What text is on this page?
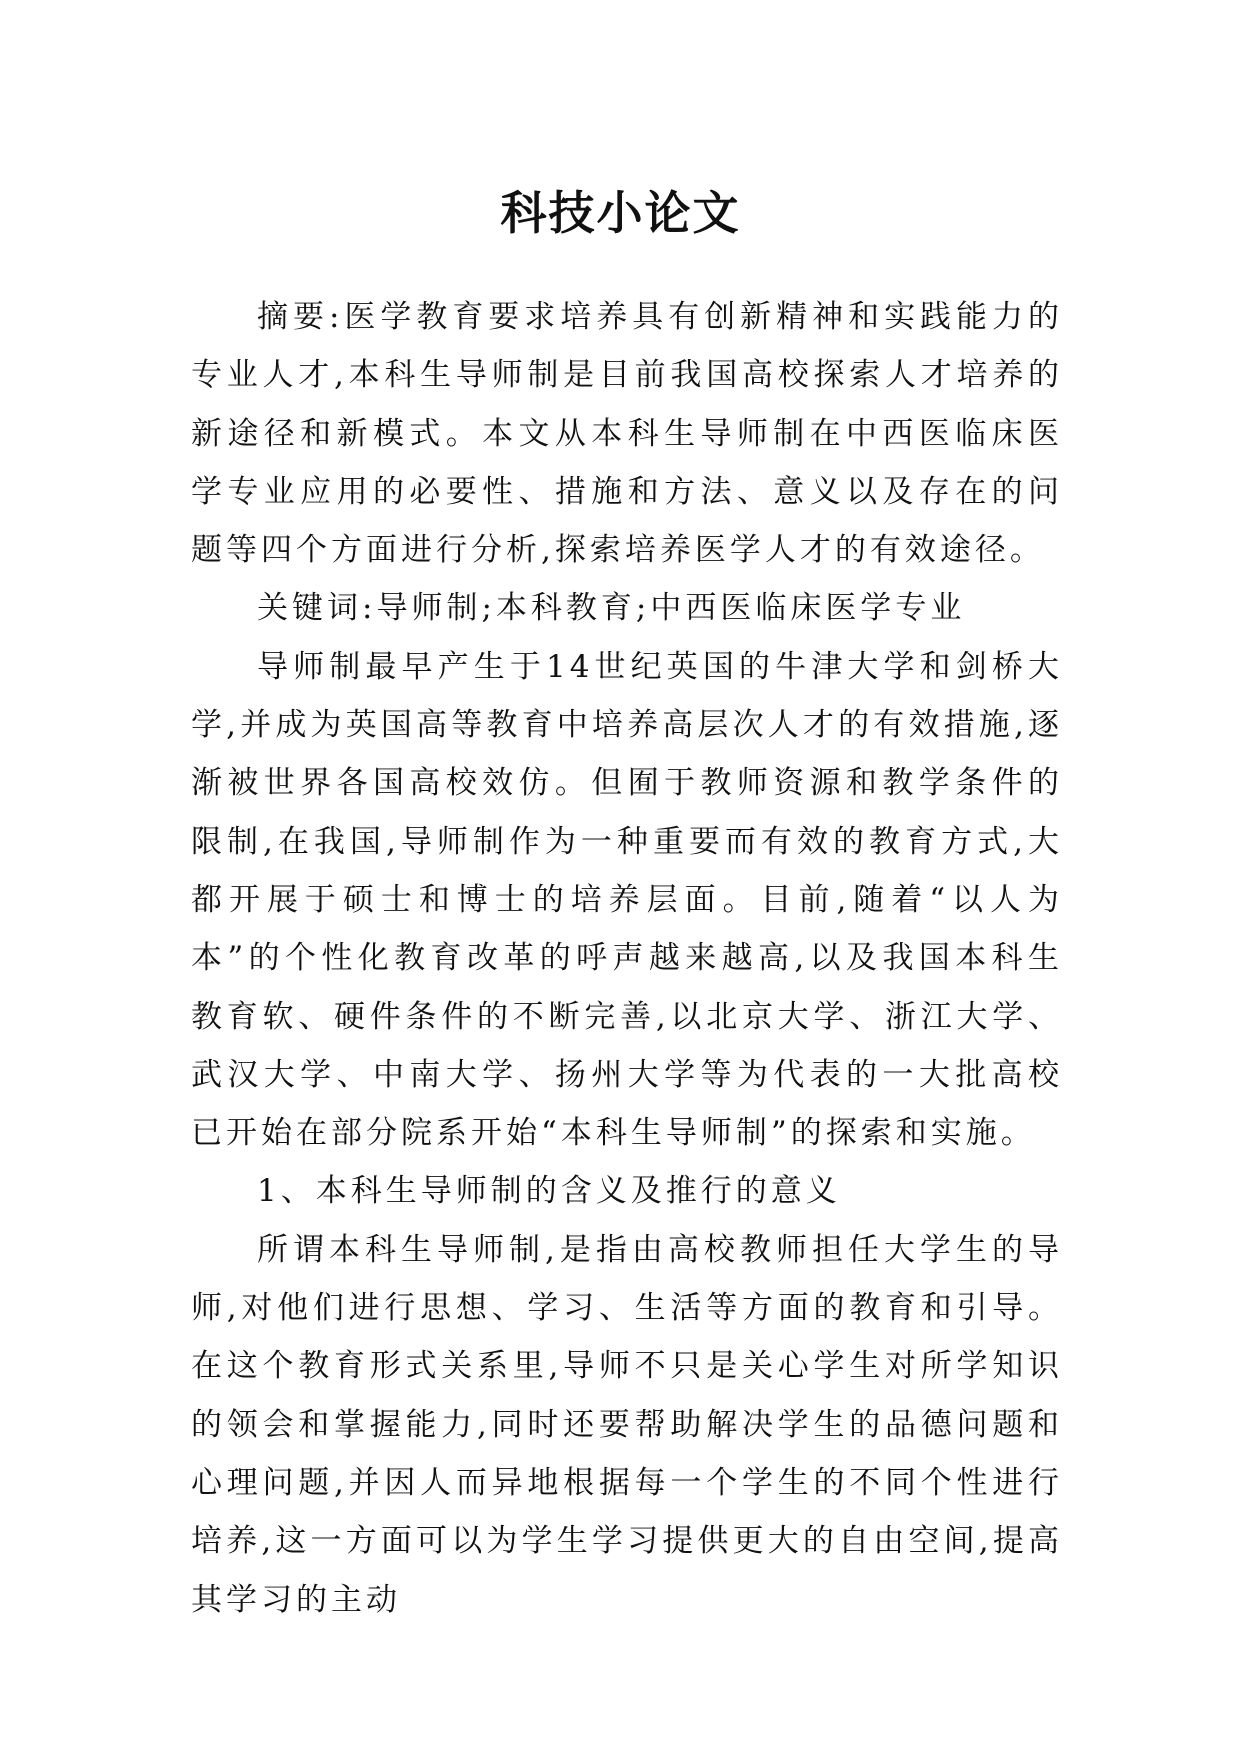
科技小论文

摘要:医学教育要求培养具有创新精神和实践能力的专业人才,本科生导师制是目前我国高校探索人才培养的新途径和新模式。本文从本科生导师制在中西医临床医学专业应用的必要性、措施和方法、意义以及存在的问题等四个方面进行分析,探索培养医学人才的有效途径。

关键词:导师制;本科教育;中西医临床医学专业

导师制最早产生于14世纪英国的牛津大学和剑桥大学,并成为英国高等教育中培养高层次人才的有效措施,逐渐被世界各国高校效仿。但囿于教师资源和教学条件的限制,在我国,导师制作为一种重要而有效的教育方式,大都开展于硕士和博士的培养层面。目前,随着“以人为本”的个性化教育改革的呼声越来越高,以及我国本科生教育软、硬件条件的不断完善,以北京大学、浙江大学、武汉大学、中南大学、扬州大学等为代表的一大批高校已开始在部分院系开始“本科生导师制”的探索和实施。

1、本科生导师制的含义及推行的意义

所谓本科生导师制,是指由高校教师担任大学生的导师,对他们进行思想、学习、生活等方面的教育和引导。在这个教育形式关系里,导师不只是关心学生对所学知识的领会和掌握能力,同时还要帮助解决学生的品德问题和心理问题,并因人而异地根据每一个学生的不同个性进行培养,这一方面可以为学生学习提供更大的自由空间,提高其学习的主动
